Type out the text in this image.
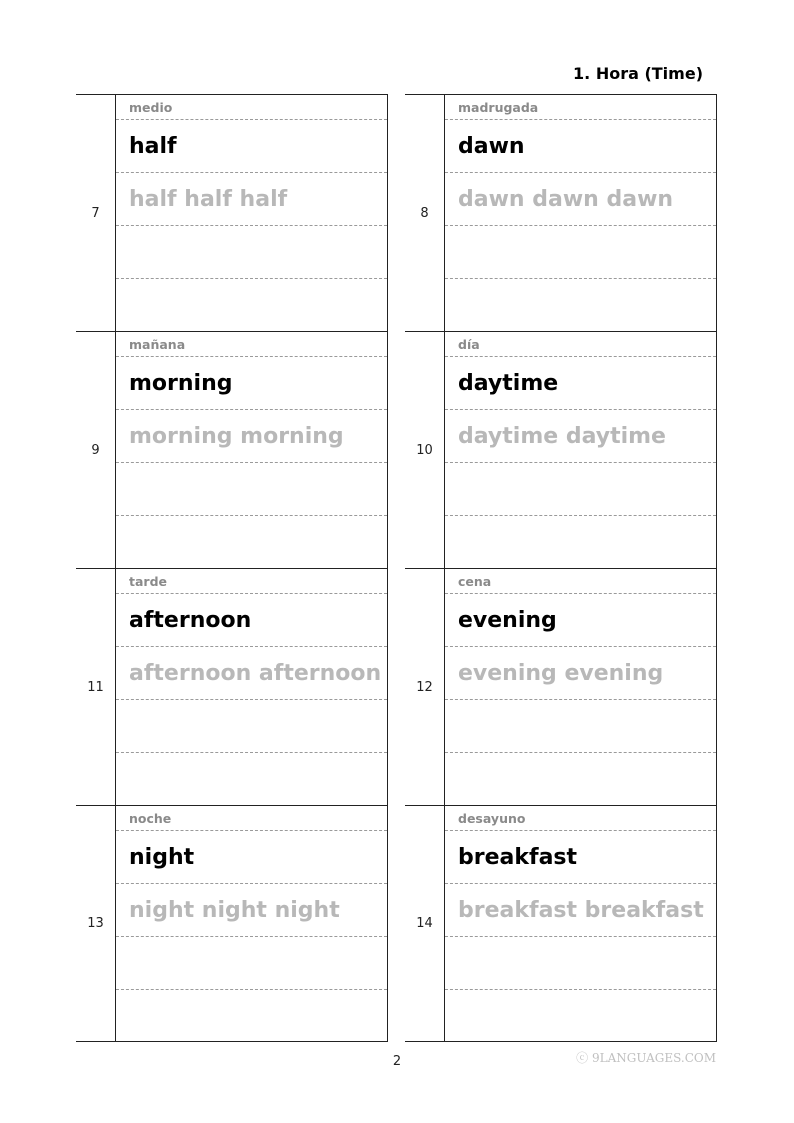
1. Hora (Time)
7
medio
half
half half half
8
madrugada
dawn
dawn dawn dawn
9
mañana
morning
morning morning
10
día
daytime
daytime daytime
11
tarde
afternoon
afternoon afternoon
12
cena
evening
evening evening
13
noche
night
night night night
14
desayuno
breakfast
breakfast breakfast
2	ⓒ 9LANGUAGES.COM
